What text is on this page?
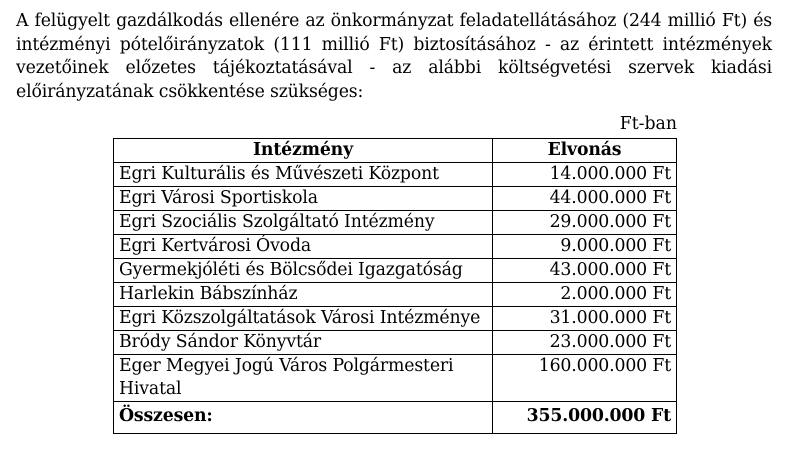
A felügyelt gazdálkodás ellenére az önkormányzat feladatellátásához (244 millió Ft) és
intézményi pótelőirányzatok (111 millió Ft) biztosításához - az érintett intézmények
vezetőinek előzetes tájékoztatásával - az alábbi költségvetési szervek kiadási
előirányzatának csökkentése szükséges:
Ft-ban
Intézmény	Elvonás
Egri Kulturális és Művészeti Központ	14.000.000 Ft
Egri Városi Sportiskola	44.000.000 Ft
Egri Szociális Szolgáltató Intézmény	29.000.000 Ft
Egri Kertvárosi Óvoda	9.000.000 Ft
Gyermekjóléti és Bölcsődei Igazgatóság	43.000.000 Ft
Harlekin Bábszínház	2.000.000 Ft
Egri Közszolgáltatások Városi Intézménye	31.000.000 Ft
Bródy Sándor Könyvtár	23.000.000 Ft
Eger Megyei Jogú Város Polgármesteri Hivatal	160.000.000 Ft
Összesen:	355.000.000 Ft
